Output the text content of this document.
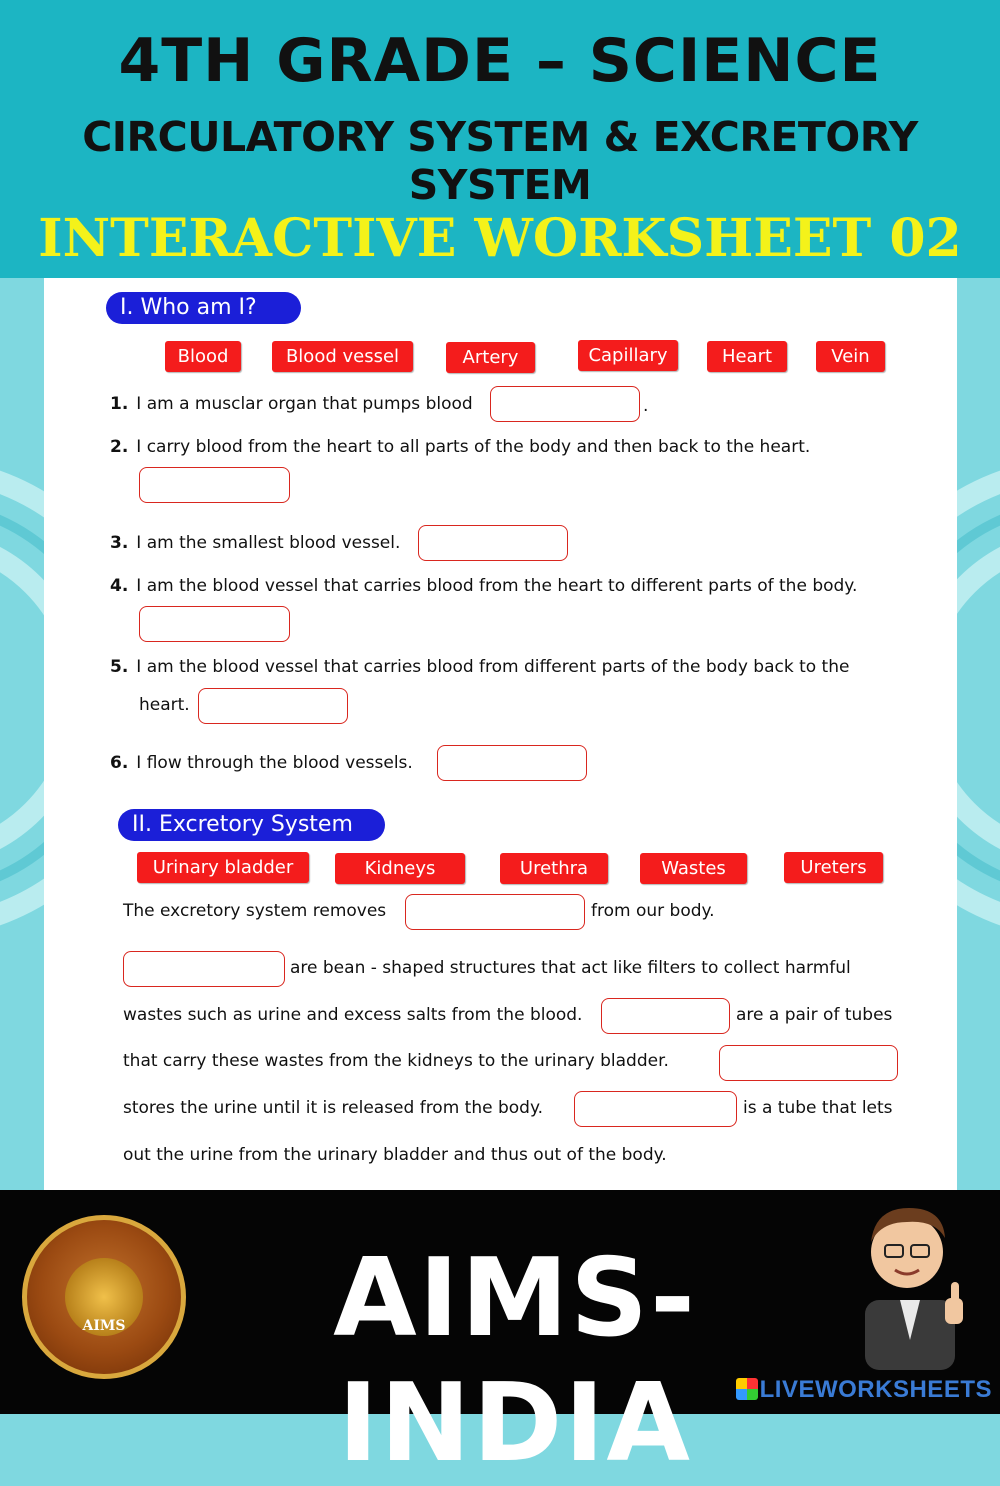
4TH GRADE – SCIENCE
CIRCULATORY SYSTEM & EXCRETORY SYSTEM
INTERACTIVE WORKSHEET 02
I. Who am I?
Blood	Blood vessel	Artery	Capillary	Heart	Vein
1. I am a musclar organ that pumps blood	.
2. I carry blood from the heart to all parts of the body and then back to the heart.
3. I am the smallest blood vessel.
4. I am the blood vessel that carries blood from the heart to different parts of the body.
5. I am the blood vessel that carries blood from different parts of the body back to the
heart.
6. I flow through the blood vessels.
II. Excretory System
Urinary bladder	Kidneys	Urethra	Wastes	Ureters
The excretory system removes	from our body.
are bean - shaped structures that act like filters to collect harmful
wastes such as urine and excess salts from the blood.	are a pair of tubes
that carry these wastes from the kidneys to the urinary bladder.
stores the urine until it is released from the body.	is a tube that lets
out the urine from the urinary bladder and thus out of the body.
AIMS	AIMS-INDIA	LIVEWORKSHEETS
